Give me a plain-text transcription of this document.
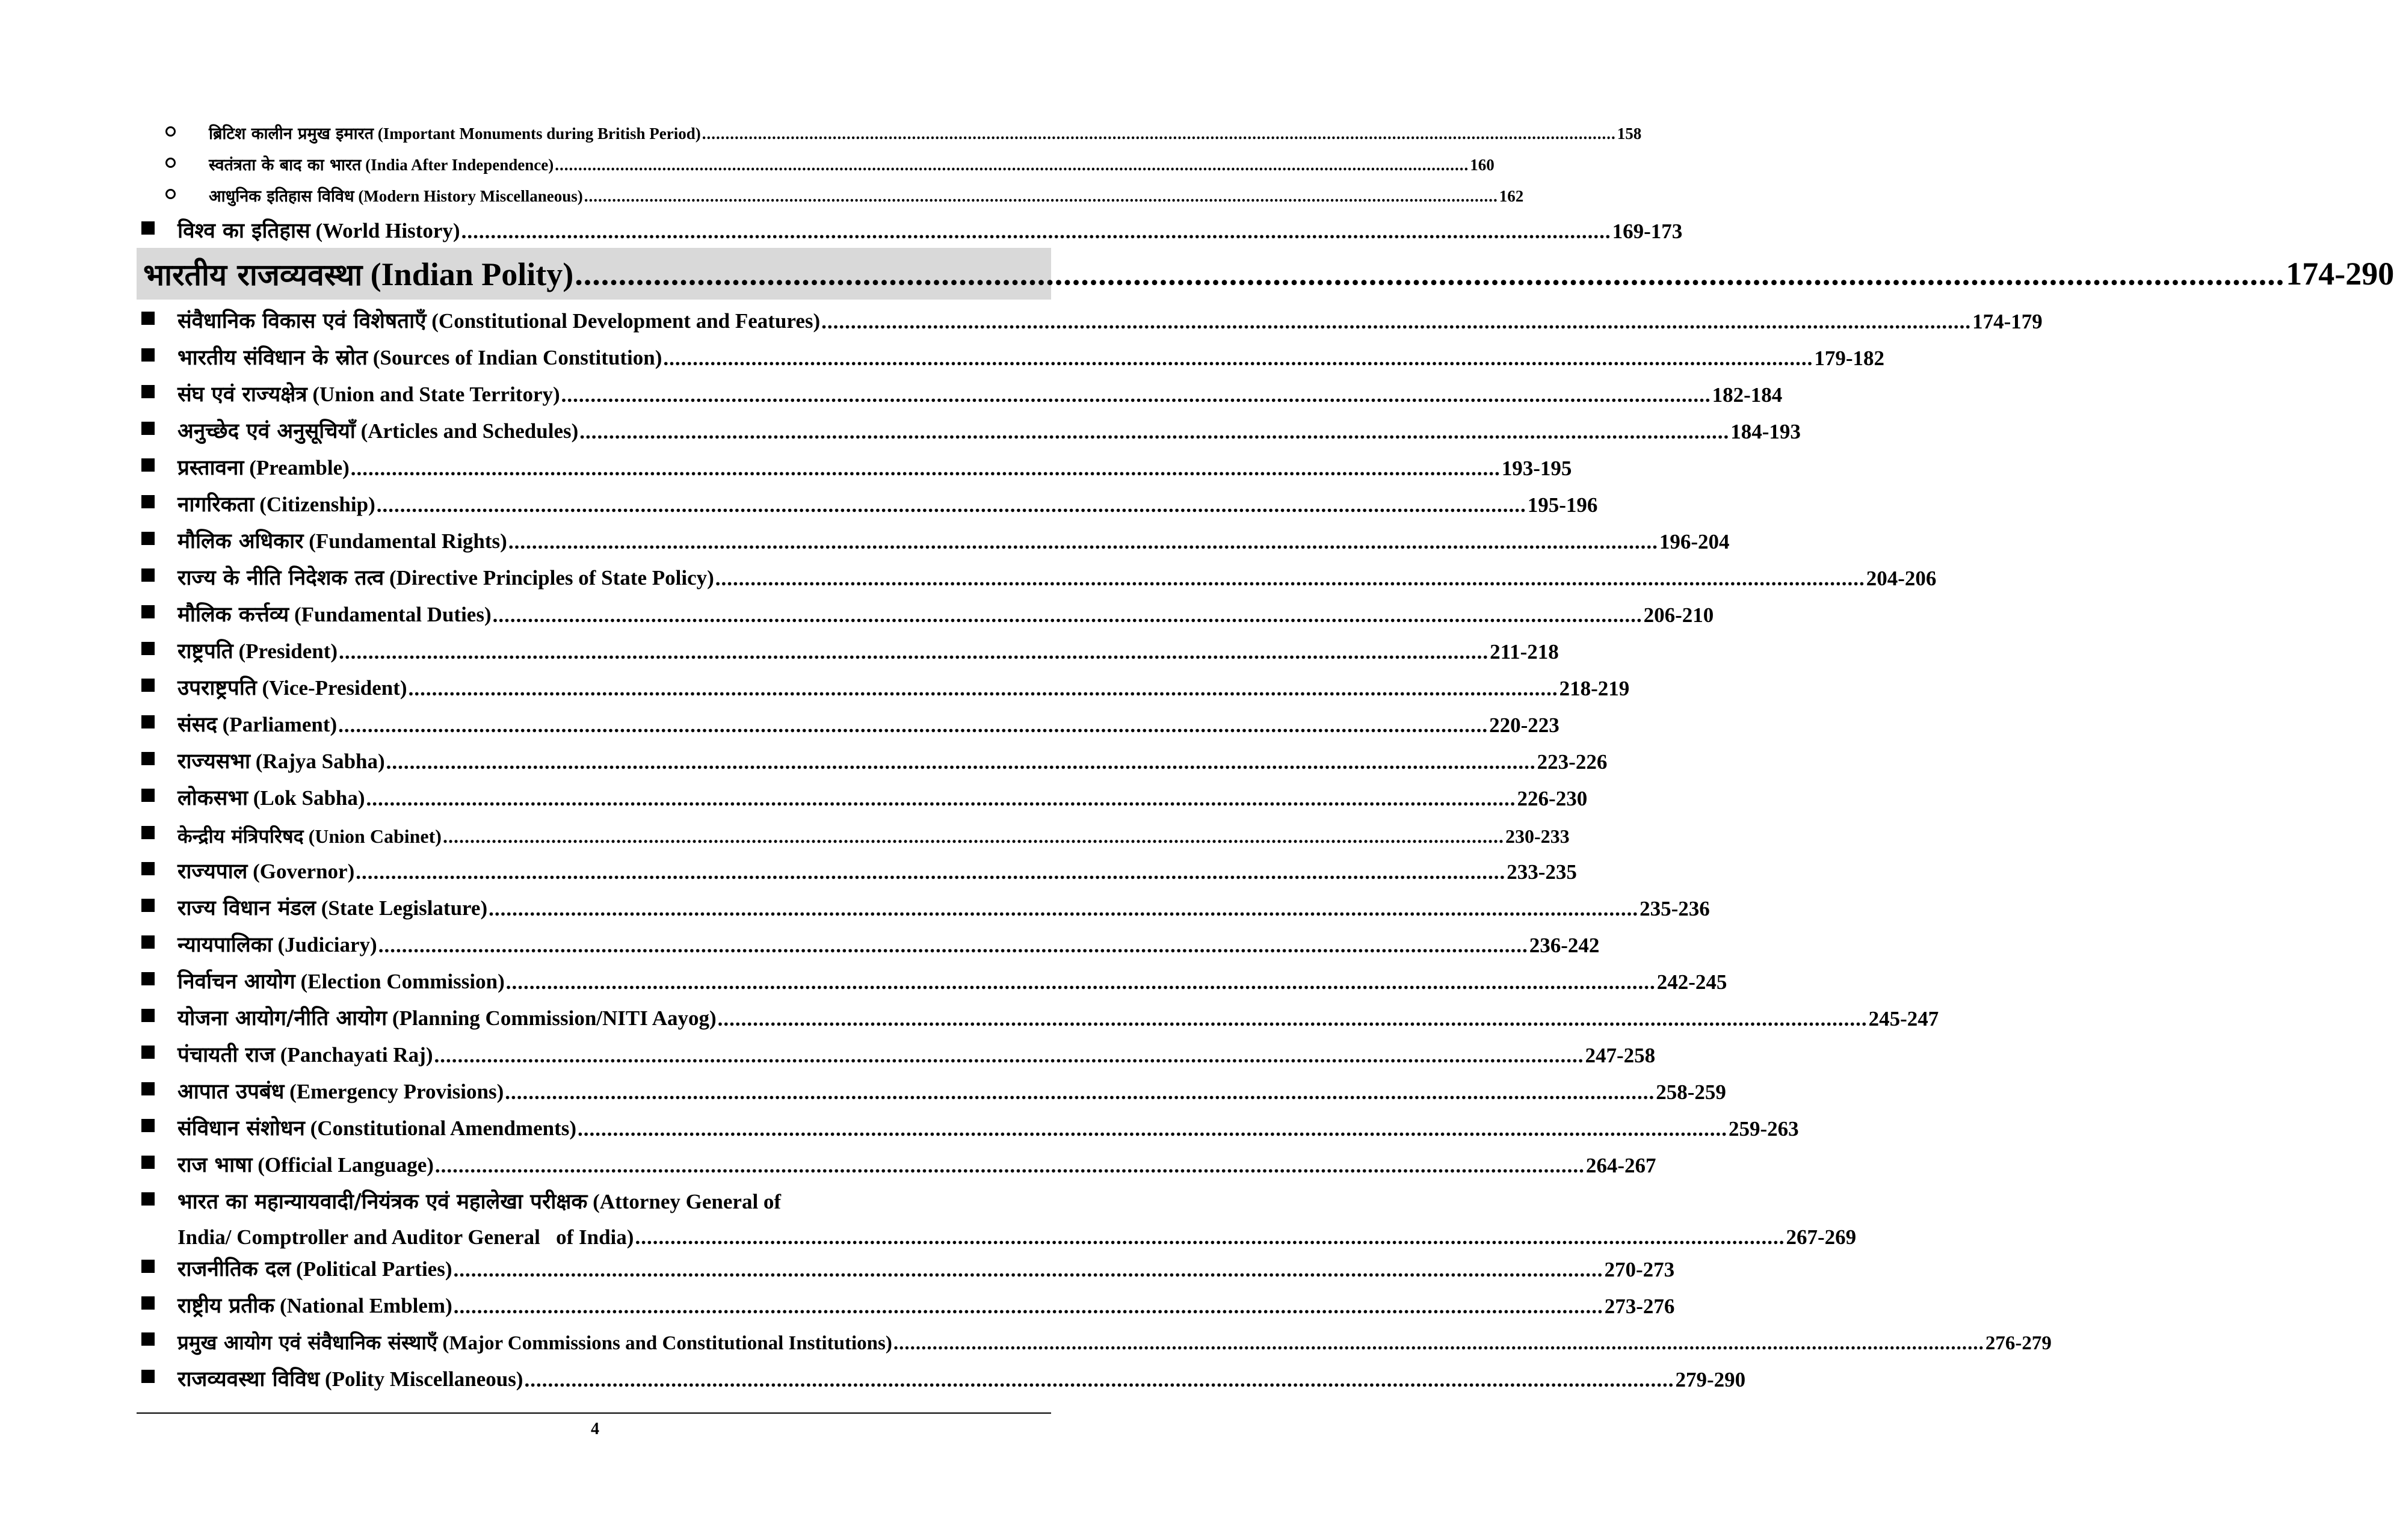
ब्रिटिश कालीन प्रमुख इमारत (Important Monuments during British Period) .................................................................................................................................................................................................... 158
स्वतंत्रता के बाद का भारत (India After Independence) .................................................................................................................................................................................................... 160
आधुनिक इतिहास विविध (Modern History Miscellaneous) .................................................................................................................................................................................................... 162
विश्व का इतिहास (World History) .................................................................................................................................................................................................... 169-173
भारतीय राजव्यवस्था (Indian Polity) .................................................................................................................................................................................................... 174-290
संवैधानिक विकास एवं विशेषताएँ (Constitutional Development and Features) .................................................................................................................................................................................................... 174-179
भारतीय संविधान के स्रोत (Sources of Indian Constitution) .................................................................................................................................................................................................... 179-182
संघ एवं राज्यक्षेत्र (Union and State Territory) .................................................................................................................................................................................................... 182-184
अनुच्छेद एवं अनुसूचियाँ (Articles and Schedules) .................................................................................................................................................................................................... 184-193
प्रस्तावना (Preamble) .................................................................................................................................................................................................... 193-195
नागरिकता (Citizenship) .................................................................................................................................................................................................... 195-196
मौलिक अधिकार (Fundamental Rights) .................................................................................................................................................................................................... 196-204
राज्य के नीति निदेशक तत्व (Directive Principles of State Policy) .................................................................................................................................................................................................... 204-206
मौलिक कर्त्तव्य (Fundamental Duties) .................................................................................................................................................................................................... 206-210
राष्ट्रपति (President) .................................................................................................................................................................................................... 211-218
उपराष्ट्रपति (Vice-President) .................................................................................................................................................................................................... 218-219
संसद (Parliament) .................................................................................................................................................................................................... 220-223
राज्यसभा (Rajya Sabha) .................................................................................................................................................................................................... 223-226
लोकसभा (Lok Sabha) .................................................................................................................................................................................................... 226-230
केन्द्रीय मंत्रिपरिषद (Union Cabinet) .................................................................................................................................................................................................... 230-233
राज्यपाल (Governor) .................................................................................................................................................................................................... 233-235
राज्य विधान मंडल (State Legislature) .................................................................................................................................................................................................... 235-236
न्यायपालिका (Judiciary) .................................................................................................................................................................................................... 236-242
निर्वाचन आयोग (Election Commission) .................................................................................................................................................................................................... 242-245
योजना आयोग/नीति आयोग (Planning Commission/NITI Aayog) .................................................................................................................................................................................................... 245-247
पंचायती राज (Panchayati Raj) .................................................................................................................................................................................................... 247-258
आपात उपबंध (Emergency Provisions) .................................................................................................................................................................................................... 258-259
संविधान संशोधन (Constitutional Amendments) .................................................................................................................................................................................................... 259-263
राज भाषा (Official Language) .................................................................................................................................................................................................... 264-267
भारत का महान्यायवादी/नियंत्रक एवं महालेखा परीक्षक (Attorney General of
India/ Comptroller and Auditor General   of India) .................................................................................................................................................................................................... 267-269
राजनीतिक दल (Political Parties) .................................................................................................................................................................................................... 270-273
राष्ट्रीय प्रतीक (National Emblem) .................................................................................................................................................................................................... 273-276
प्रमुख आयोग एवं संवैधानिक संस्थाएँ (Major Commissions and Constitutional Institutions) .................................................................................................................................................................................................... 276-279
राजव्यवस्था विविध (Polity Miscellaneous) .................................................................................................................................................................................................... 279-290
4
